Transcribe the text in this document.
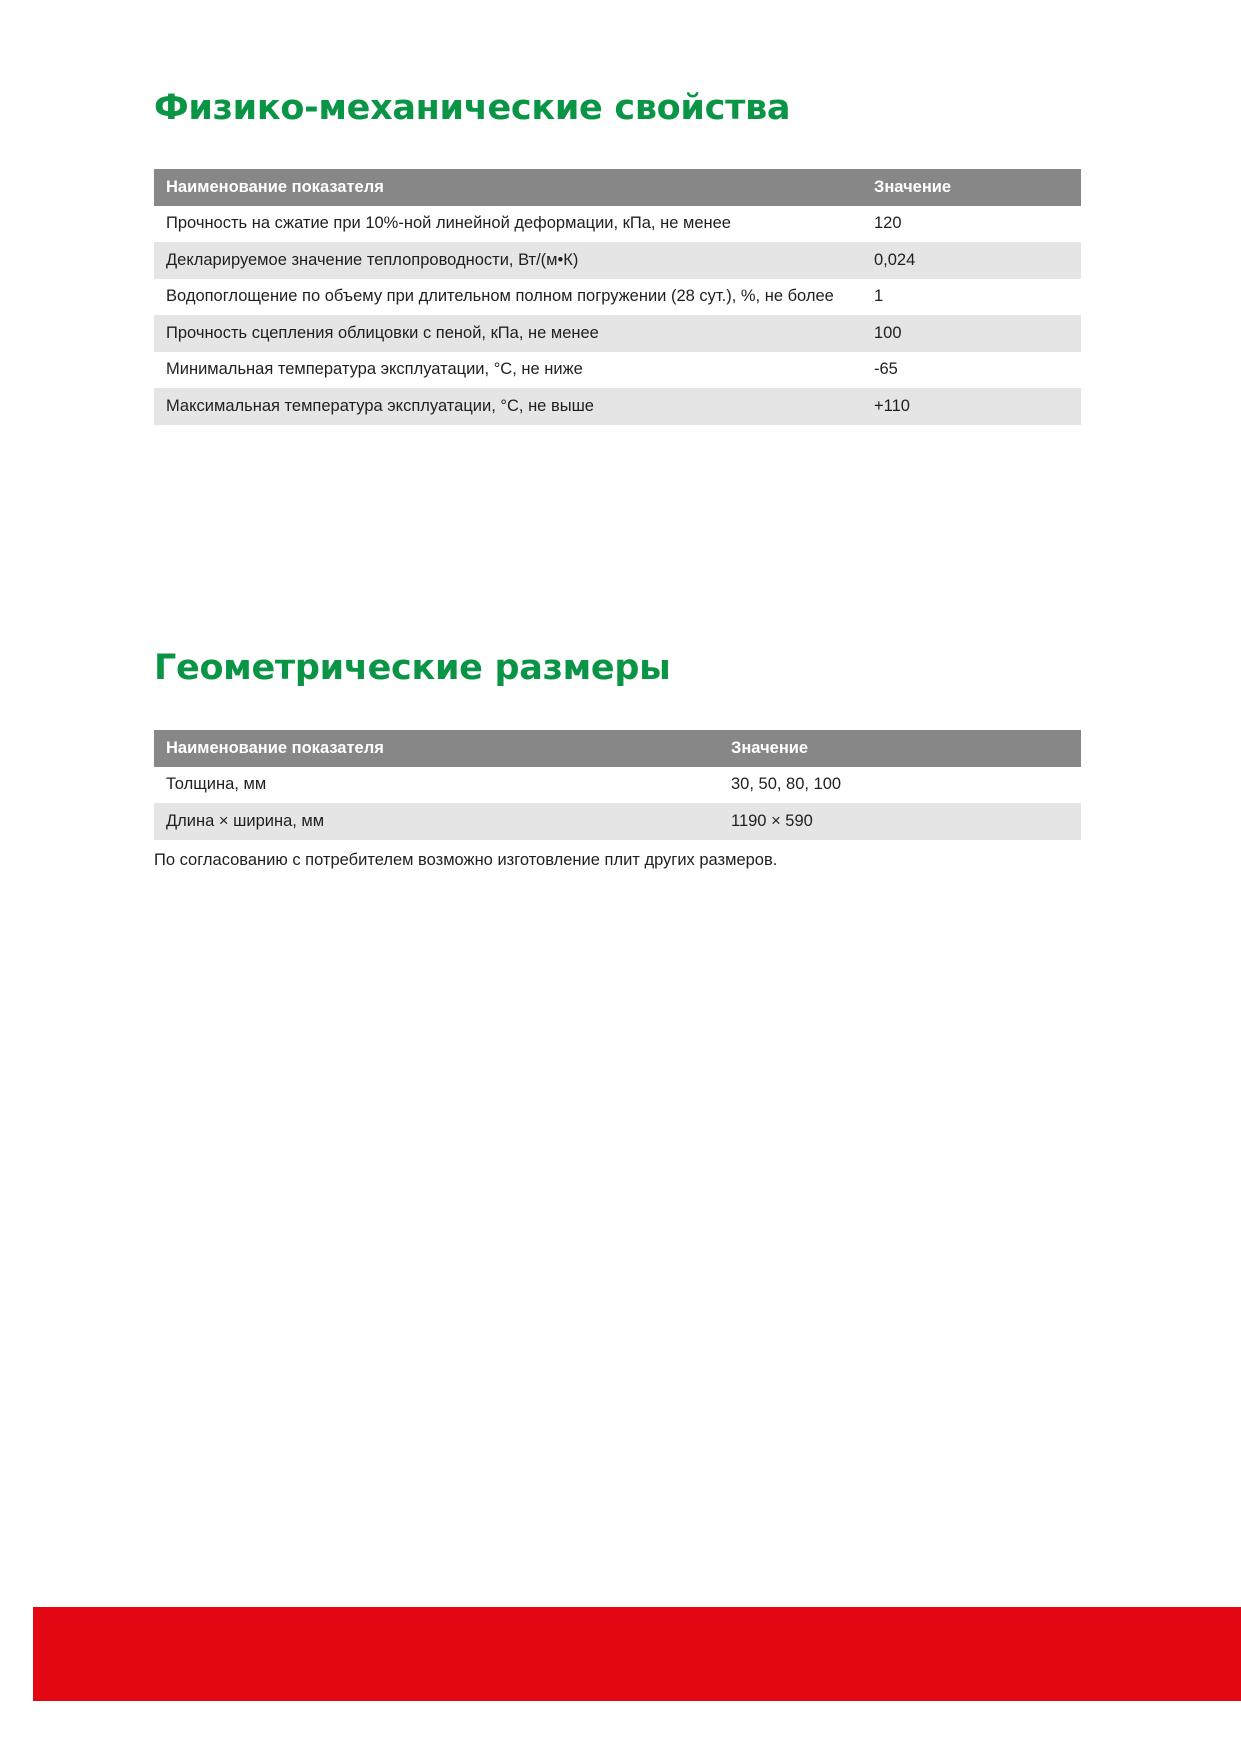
Физико-механические свойства
Наименование показателя	Значение
Прочность на сжатие при 10%-ной линейной деформации, кПа, не менее	120
Декларируемое значение теплопроводности, Вт/(м•К)	0,024
Водопоглощение по объему при длительном полном погружении (28 сут.), %, не более	1
Прочность сцепления облицовки с пеной, кПа, не менее	100
Минимальная температура эксплуатации, °С, не ниже	-65
Максимальная температура эксплуатации, °С, не выше	+110
Геометрические размеры
Наименование показателя	Значение
Толщина, мм	30, 50, 80, 100
Длина × ширина, мм	1190 × 590

По согласованию с потребителем возможно изготовление плит других размеров.
